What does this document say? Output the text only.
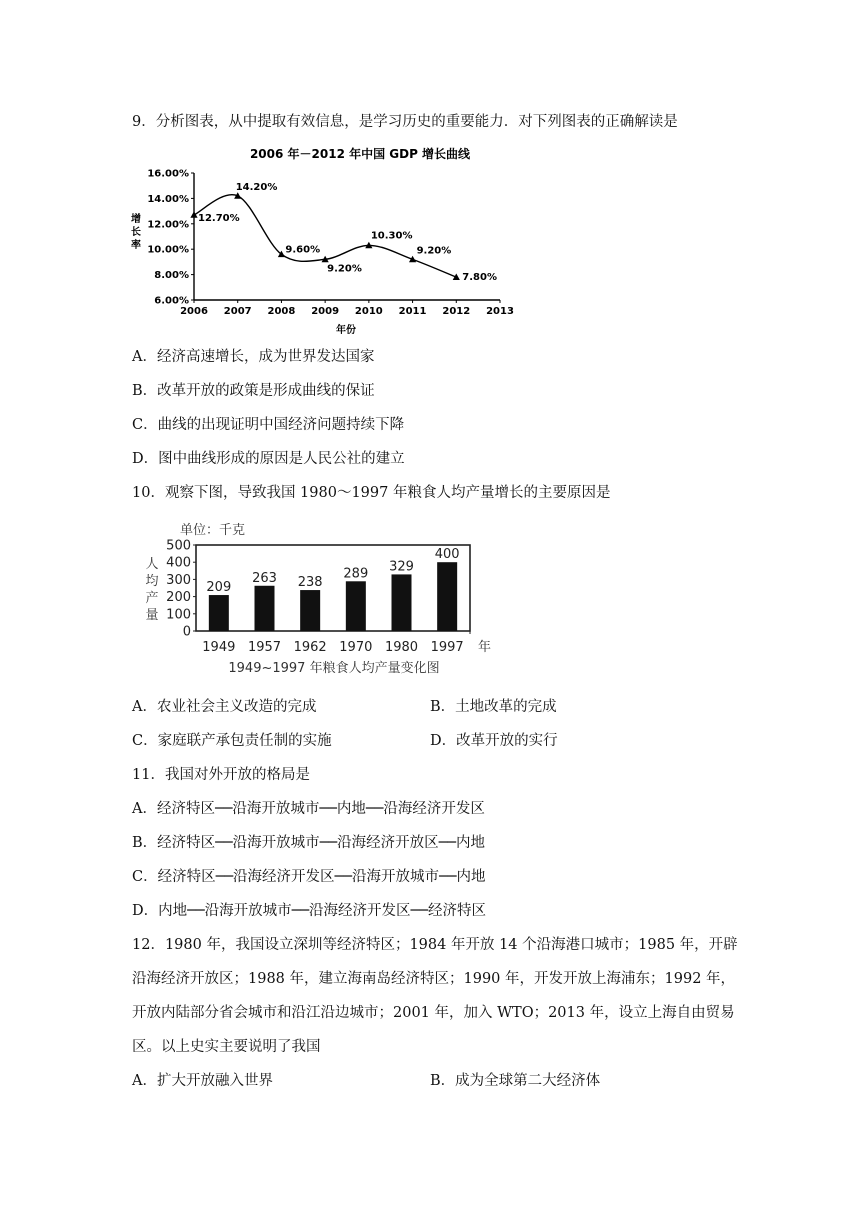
9．分析图表，从中提取有效信息，是学习历史的重要能力．对下列图表的正确解读是
2006 年－2012 年中国 GDP 增长曲线
增
长
率
年份
6.00%
8.00%
10.00%
12.00%
14.00%
16.00%
2006 2007 2008 2009 2010 2011 2012 2013
12.70%
14.20%
9.60%
9.20%
10.30%
9.20%
7.80%
A．经济高速增长，成为世界发达国家
B．改革开放的政策是形成曲线的保证
C．曲线的出现证明中国经济问题持续下降
D．图中曲线形成的原因是人民公社的建立
10．观察下图，导致我国 1980～1997 年粮食人均产量增长的主要原因是
单位：千克
人
均
产
量
1949~1997 年粮食人均产量变化图
年
0
100
200
300
400
500
209
1949
263
1957
238
1962
289
1970
329
1980
400
1997
A．农业社会主义改造的完成	B．土地改革的完成
C．家庭联产承包责任制的实施	D．改革开放的实行
11．我国对外开放的格局是
A．经济特区──沿海开放城市──内地──沿海经济开发区
B．经济特区──沿海开放城市──沿海经济开放区──内地
C．经济特区──沿海经济开发区──沿海开放城市──内地
D．内地──沿海开放城市──沿海经济开发区──经济特区
12．1980 年，我国设立深圳等经济特区；1984 年开放 14 个沿海港口城市；1985 年，开辟
沿海经济开放区；1988 年，建立海南岛经济特区；1990 年，开发开放上海浦东；1992 年，
开放内陆部分省会城市和沿江沿边城市；2001 年，加入 WTO；2013 年，设立上海自由贸易
区。以上史实主要说明了我国
A．扩大开放融入世界	B．成为全球第二大经济体
